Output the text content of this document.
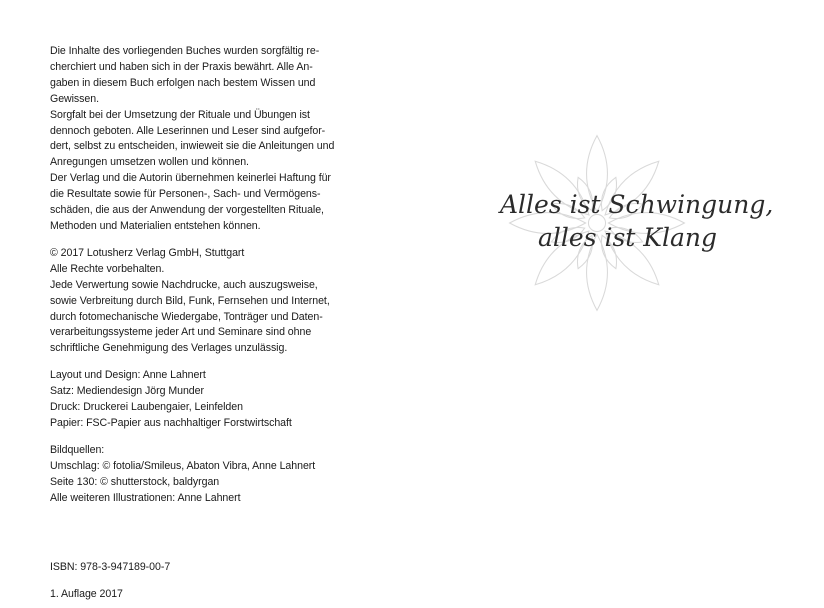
Die Inhalte des vorliegenden Buches wurden sorgfältig re-
cherchiert und haben sich in der Praxis bewährt. Alle An-
gaben in diesem Buch erfolgen nach bestem Wissen und
Gewissen.
Sorgfalt bei der Umsetzung der Rituale und Übungen ist
dennoch geboten. Alle Leserinnen und Leser sind aufgefor-
dert, selbst zu entscheiden, inwieweit sie die Anleitungen und
Anregungen umsetzen wollen und können.
Der Verlag und die Autorin übernehmen keinerlei Haftung für
die Resultate sowie für Personen-, Sach- und Vermögens-
schäden, die aus der Anwendung der vorgestellten Rituale,
Methoden und Materialien entstehen können.
© 2017 Lotusherz Verlag GmbH, Stuttgart
Alle Rechte vorbehalten.
Jede Verwertung sowie Nachdrucke, auch auszugsweise,
sowie Verbreitung durch Bild, Funk, Fernsehen und Internet,
durch fotomechanische Wiedergabe, Tonträger und Daten-
verarbeitungssysteme jeder Art und Seminare sind ohne
schriftliche Genehmigung des Verlages unzulässig.
Layout und Design: Anne Lahnert
Satz: Mediendesign Jörg Munder
Druck: Druckerei Laubengaier, Leinfelden
Papier: FSC-Papier aus nachhaltiger Forstwirtschaft
Bildquellen:
Umschlag: © fotolia/Smileus, Abaton Vibra, Anne Lahnert
Seite 130: © shutterstock, baldyrgan
Alle weiteren Illustrationen: Anne Lahnert
ISBN: 978-3-947189-00-7
1. Auflage 2017
Alles ist Schwingung,
alles ist Klang
